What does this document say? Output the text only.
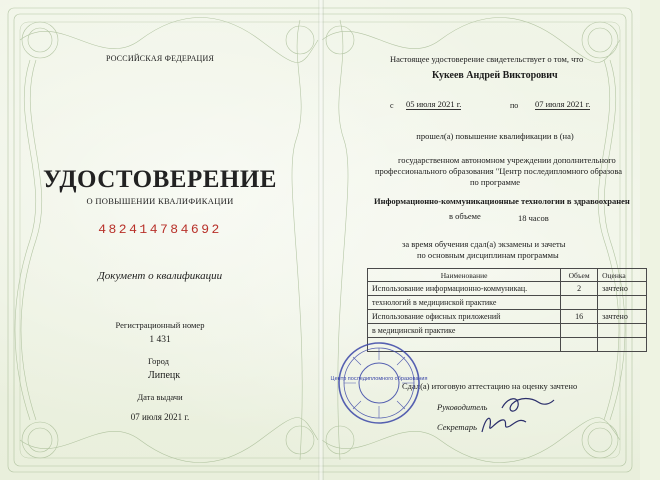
РОССИЙСКАЯ ФЕДЕРАЦИЯ
УДОСТОВЕРЕНИЕ
О ПОВЫШЕНИИ КВАЛИФИКАЦИИ
482414784692
Документ о квалификации
Регистрационный номер
1 431
Город
Липецк
Дата выдачи
07 июля 2021 г.
Настоящее удостоверение свидетельствует о том, что
Кукеев Андрей Викторович
с 05 июля 2021 г.	по 07 июля 2021 г.
прошел(а) повышение квалификации в (на)
государственном автономном учреждении дополнительного
профессионального образования "Центр последипломного образова
по программе
Информационно-коммуникационные технологии в здравоохранен
в объеме	18 часов
за время обучения сдал(а) экзамены и зачеты
по основным дисциплинам программы
Наименование	Объем	Оценка
Использование информационно-коммуникац.	2	зачтено
технологий в медицинской практике		
Использование офисных приложений	16	зачтено
в медицинской практике		

Сдал(а) итоговую аттестацию на оценку зачтено
Руководитель
Секретарь
Центр последипломного образования
